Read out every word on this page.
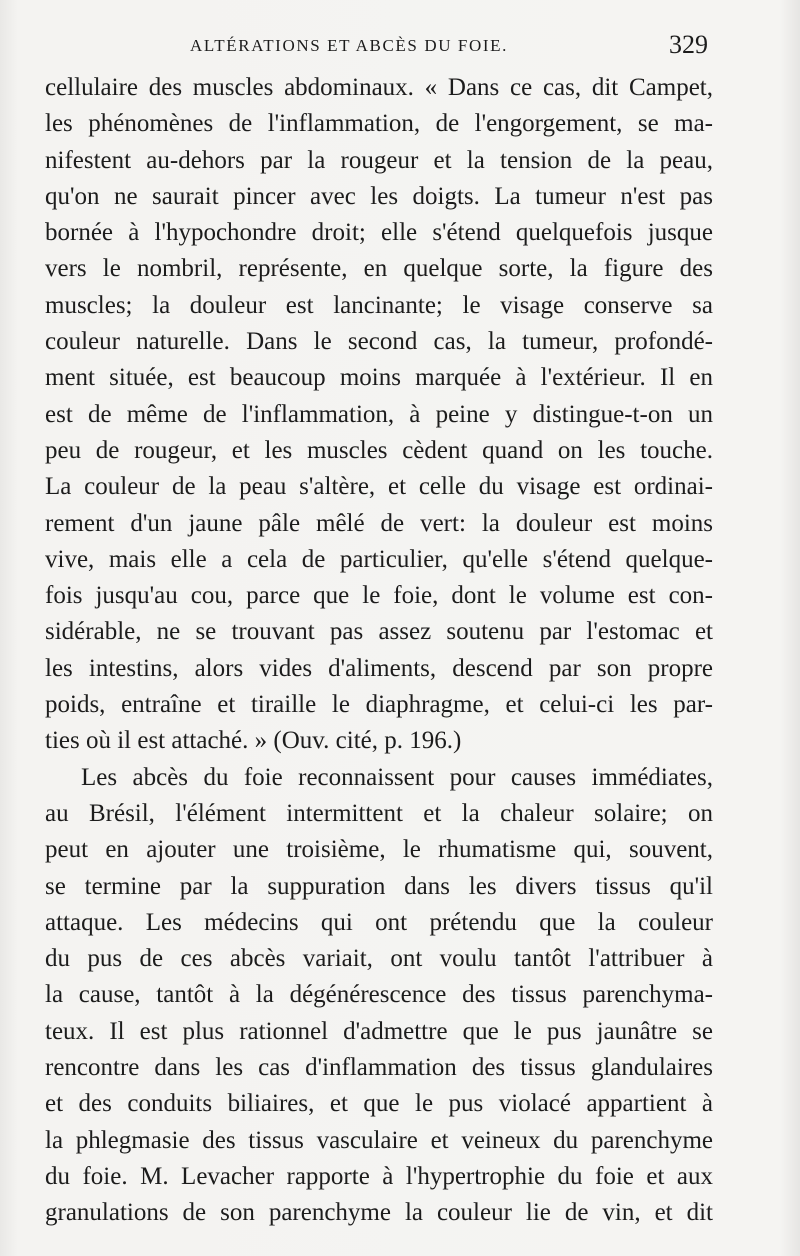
ALTÉRATIONS ET ABCÈS DU FOIE.	329
cellulaire des muscles abdominaux. « Dans ce cas, dit Campet,
les phénomènes de l'inflammation, de l'engorgement, se ma-
nifestent au-dehors par la rougeur et la tension de la peau,
qu'on ne saurait pincer avec les doigts. La tumeur n'est pas
bornée à l'hypochondre droit; elle s'étend quelquefois jusque
vers le nombril, représente, en quelque sorte, la figure des
muscles; la douleur est lancinante; le visage conserve sa
couleur naturelle. Dans le second cas, la tumeur, profondé-
ment située, est beaucoup moins marquée à l'extérieur. Il en
est de même de l'inflammation, à peine y distingue-t-on un
peu de rougeur, et les muscles cèdent quand on les touche.
La couleur de la peau s'altère, et celle du visage est ordinai-
rement d'un jaune pâle mêlé de vert: la douleur est moins
vive, mais elle a cela de particulier, qu'elle s'étend quelque-
fois jusqu'au cou, parce que le foie, dont le volume est con-
sidérable, ne se trouvant pas assez soutenu par l'estomac et
les intestins, alors vides d'aliments, descend par son propre
poids, entraîne et tiraille le diaphragme, et celui-ci les par-
ties où il est attaché. » (Ouv. cité, p. 196.)
Les abcès du foie reconnaissent pour causes immédiates,
au Brésil, l'élément intermittent et la chaleur solaire; on
peut en ajouter une troisième, le rhumatisme qui, souvent,
se termine par la suppuration dans les divers tissus qu'il
attaque. Les médecins qui ont prétendu que la couleur
du pus de ces abcès variait, ont voulu tantôt l'attribuer à
la cause, tantôt à la dégénérescence des tissus parenchyma-
teux. Il est plus rationnel d'admettre que le pus jaunâtre se
rencontre dans les cas d'inflammation des tissus glandulaires
et des conduits biliaires, et que le pus violacé appartient à
la phlegmasie des tissus vasculaire et veineux du parenchyme
du foie. M. Levacher rapporte à l'hypertrophie du foie et aux
granulations de son parenchyme la couleur lie de vin, et dit
